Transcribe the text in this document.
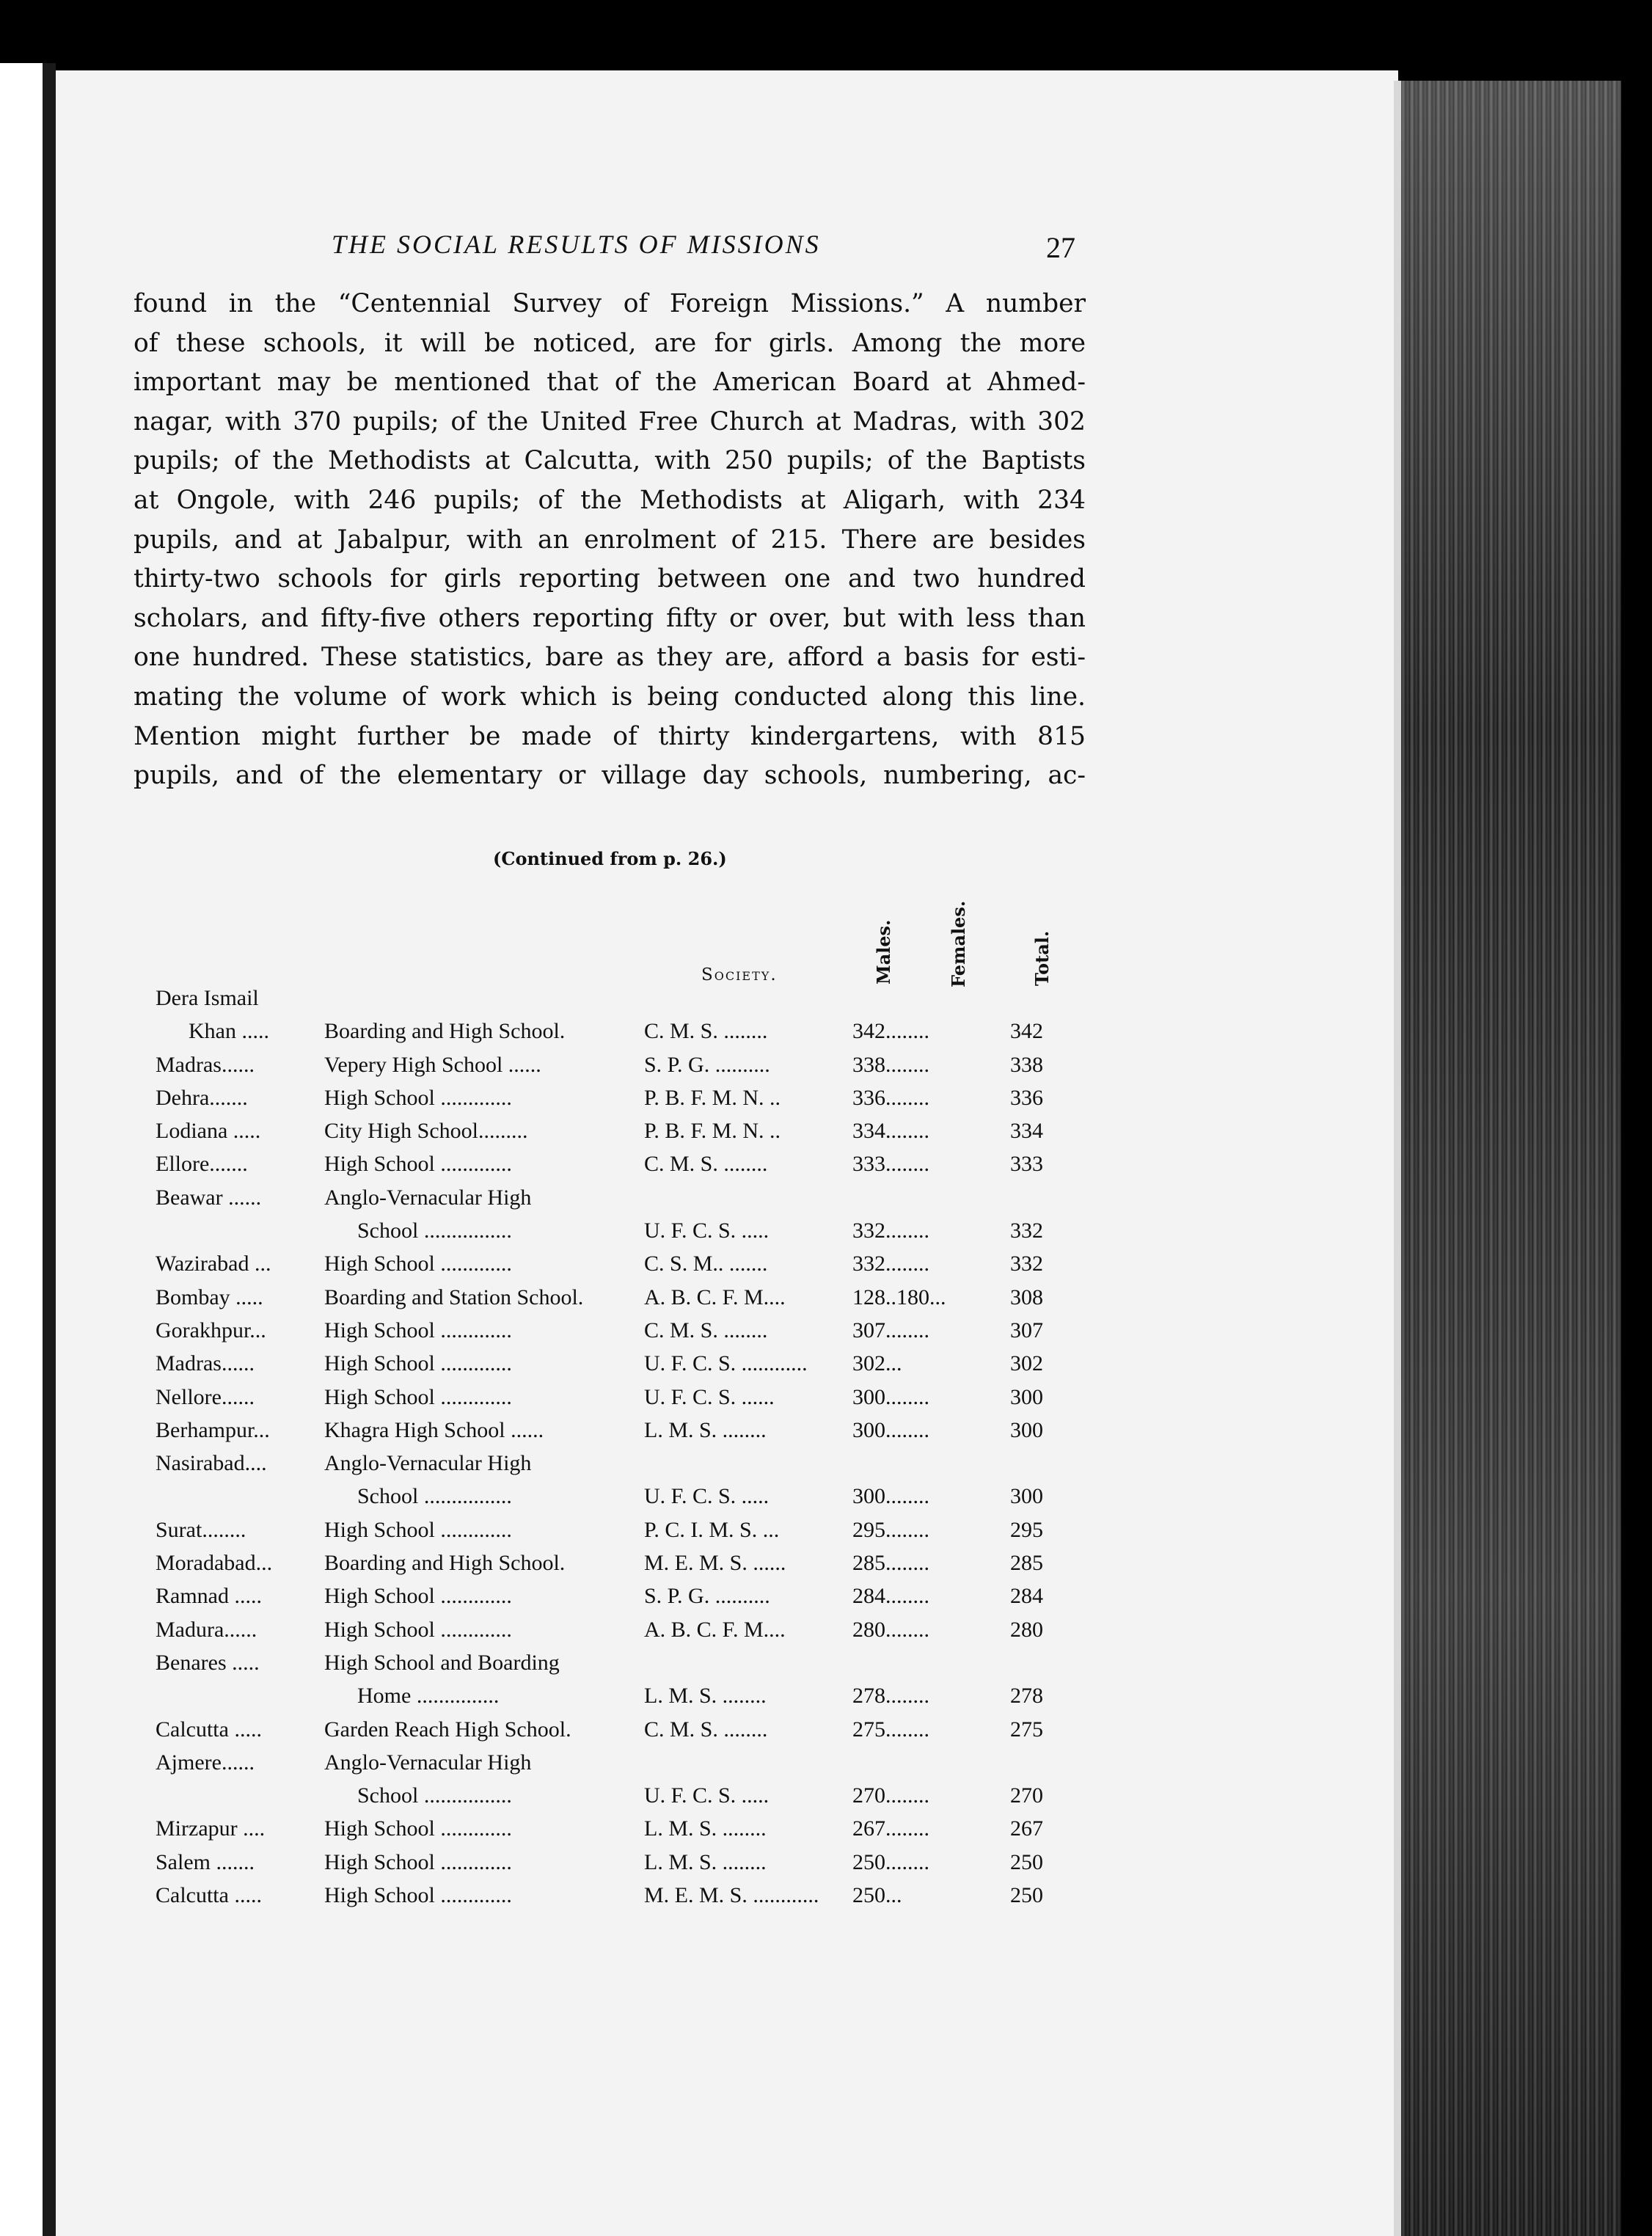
THE SOCIAL RESULTS OF MISSIONS	27
found in the “Centennial Survey of Foreign Missions.” A number
of these schools, it will be noticed, are for girls. Among the more
important may be mentioned that of the American Board at Ahmed-
nagar, with 370 pupils; of the United Free Church at Madras, with 302
pupils; of the Methodists at Calcutta, with 250 pupils; of the Baptists
at Ongole, with 246 pupils; of the Methodists at Aligarh, with 234
pupils, and at Jabalpur, with an enrolment of 215. There are besides
thirty-two schools for girls reporting between one and two hundred
scholars, and fifty-five others reporting fifty or over, but with less than
one hundred. These statistics, bare as they are, afford a basis for esti-
mating the volume of work which is being conducted along this line.
Mention might further be made of thirty kindergartens, with 815
pupils, and of the elementary or village day schools, numbering, ac-
(Continued from p. 26.)
Society.	Males.	Females.	Total.
Dera Ismail
Khan .....	Boarding and High School.	C. M. S. ........	342........	342
Madras......	Vepery High School ......	S. P. G. ..........	338........	338
Dehra.......	High School .............	P. B. F. M. N. ..	336........	336
Lodiana .....	City High School.........	P. B. F. M. N. ..	334........	334
Ellore.......	High School .............	C. M. S. ........	333........	333
Beawar ......	Anglo-Vernacular High
School ................	U. F. C. S. .....	332........	332
Wazirabad ... High School .............	C. S. M.. .......	332........	332
Bombay .....	Boarding and Station School.	A. B. C. F. M....	128..180...	308
Gorakhpur...	High School .............	C. M. S. ........	307........	307
Madras......	High School .............	U. F. C. S. ............ 302...	302
Nellore......	High School .............	U. F. C. S. ......	300........	300
Berhampur... Khagra High School ......	L. M. S. ........	300........	300
Nasirabad....	Anglo-Vernacular High
School ................	U. F. C. S. .....	300........	300
Surat........	High School .............	P. C. I. M. S. ...	295........	295
Moradabad... Boarding and High School.	M. E. M. S. ......	285........	285
Ramnad .....	High School .............	S. P. G. ..........	284........	284
Madura......	High School .............	A. B. C. F. M....	280........	280
Benares .....	High School and Boarding
Home ...............	L. M. S. ........	278........	278
Calcutta .....	Garden Reach High School.	C. M. S. ........	275........	275
Ajmere......	Anglo-Vernacular High
School ................	U. F. C. S. .....	270........	270
Mirzapur ....	High School .............	L. M. S. ........	267........	267
Salem .......	High School .............	L. M. S. ........	250........	250
Calcutta .....	High School .............	M. E. M. S. ............ 250...	250
